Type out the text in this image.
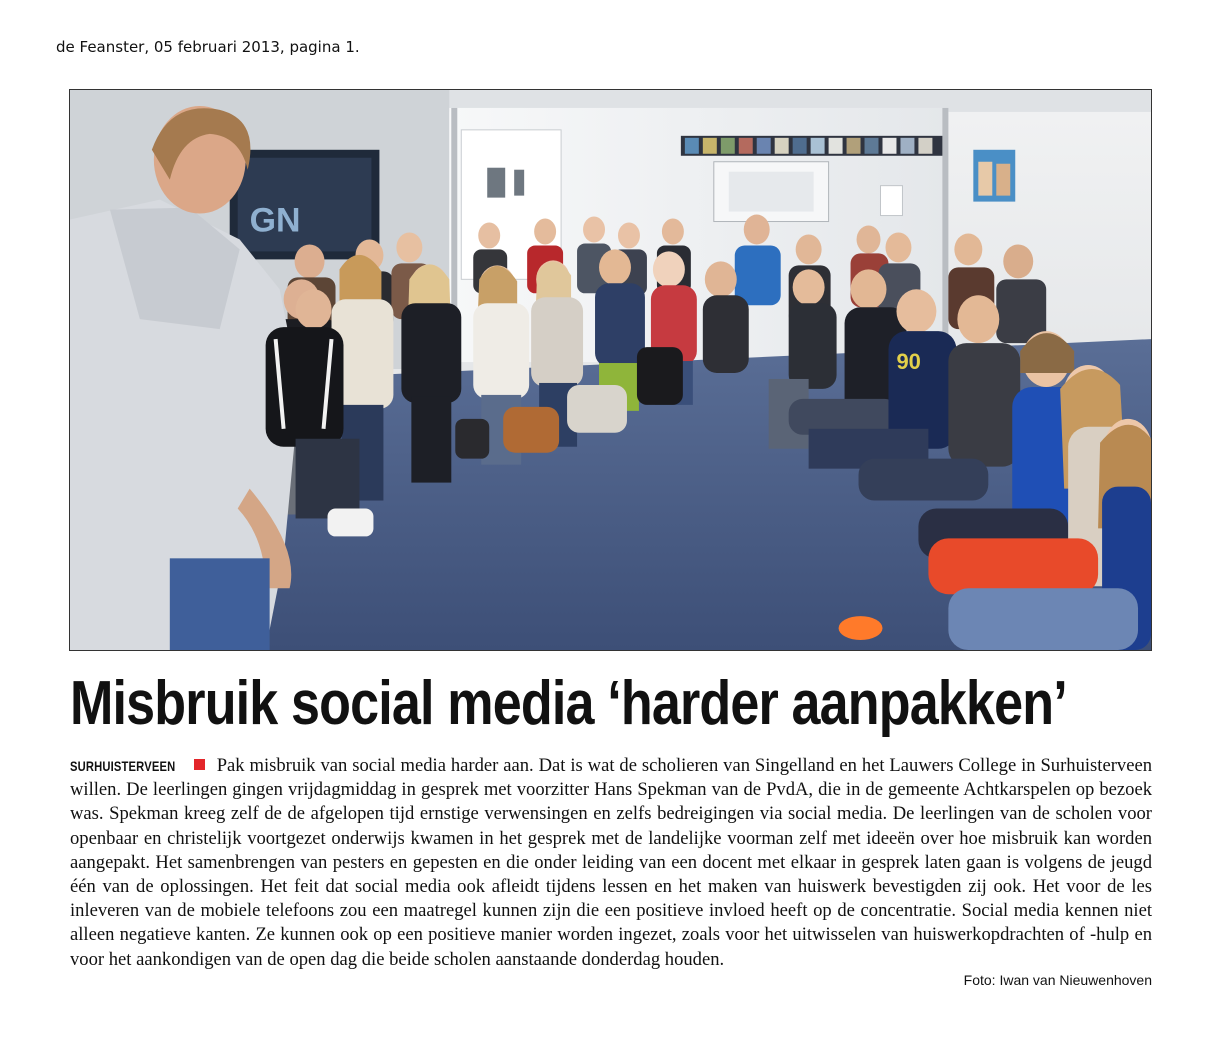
de Feanster, 05 februari 2013, pagina 1.
GN
90
Misbruik social media ‘harder aanpakken’

SURHUISTERVEEN Pak misbruik van social media harder aan. Dat is wat de scholieren van Singelland en het Lauwers College in Surhuisterveen willen. De leerlingen gingen vrijdagmiddag in gesprek met voorzitter Hans Spekman van de PvdA, die in de gemeente Achtkarspelen op bezoek was. Spekman kreeg zelf de de afgelopen tijd ernstige verwensingen en zelfs bedreigingen via social media. De leerlingen van de scholen voor openbaar en christelijk voortgezet onderwijs kwamen in het gesprek met de landelijke voorman zelf met ideeën over hoe misbruik kan worden aangepakt. Het samenbrengen van pesters en gepesten en die onder leiding van een docent met elkaar in gesprek laten gaan is volgens de jeugd één van de oplossingen. Het feit dat social media ook afleidt tijdens lessen en het maken van huiswerk bevestigden zij ook. Het voor de les inleveren van de mobiele telefoons zou een maatregel kunnen zijn die een positieve invloed heeft op de concentratie. Social media kennen niet alleen negatieve kanten. Ze kunnen ook op een positieve manier worden ingezet, zoals voor het uitwisselen van huiswerkopdrachten of -hulp en voor het aankondigen van de open dag die beide scholen aanstaande donderdag houden.

Foto: Iwan van Nieuwenhoven
